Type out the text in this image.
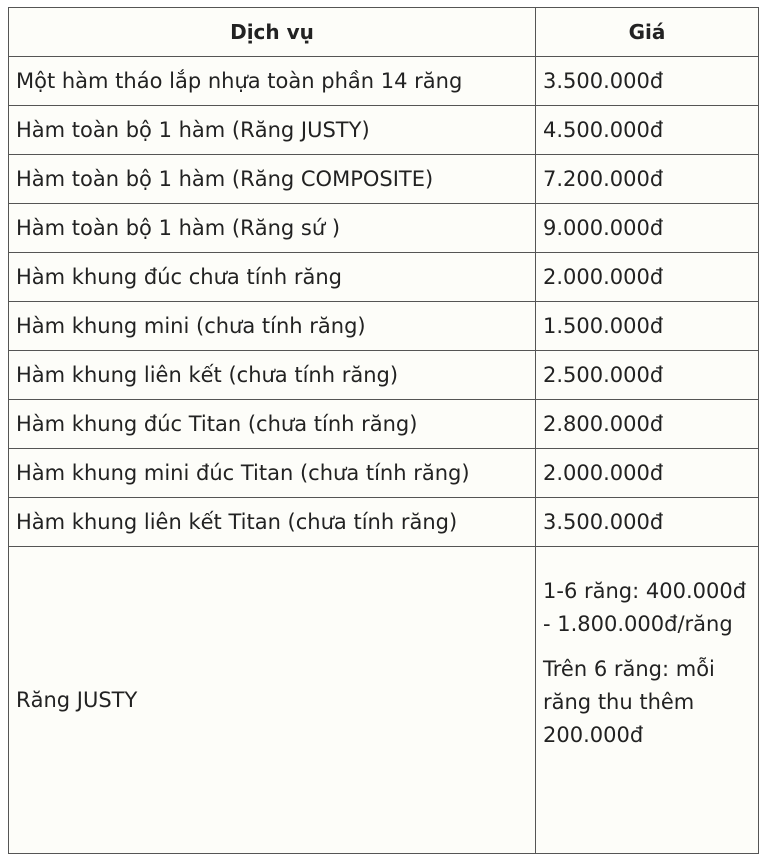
Dịch vụ	Giá
Một hàm tháo lắp nhựa toàn phần 14 răng	3.500.000đ
Hàm toàn bộ 1 hàm (Răng JUSTY)	4.500.000đ
Hàm toàn bộ 1 hàm (Răng COMPOSITE)	7.200.000đ
Hàm toàn bộ 1 hàm (Răng sứ )	9.000.000đ
Hàm khung đúc chưa tính răng	2.000.000đ
Hàm khung mini (chưa tính răng)	1.500.000đ
Hàm khung liên kết (chưa tính răng)	2.500.000đ
Hàm khung đúc Titan (chưa tính răng)	2.800.000đ
Hàm khung mini đúc Titan (chưa tính răng)	2.000.000đ
Hàm khung liên kết Titan (chưa tính răng)	3.500.000đ
Răng JUSTY	1-6 răng: 400.000đ - 1.800.000đ/răng

Trên 6 răng: mỗi răng thu thêm 200.000đ
